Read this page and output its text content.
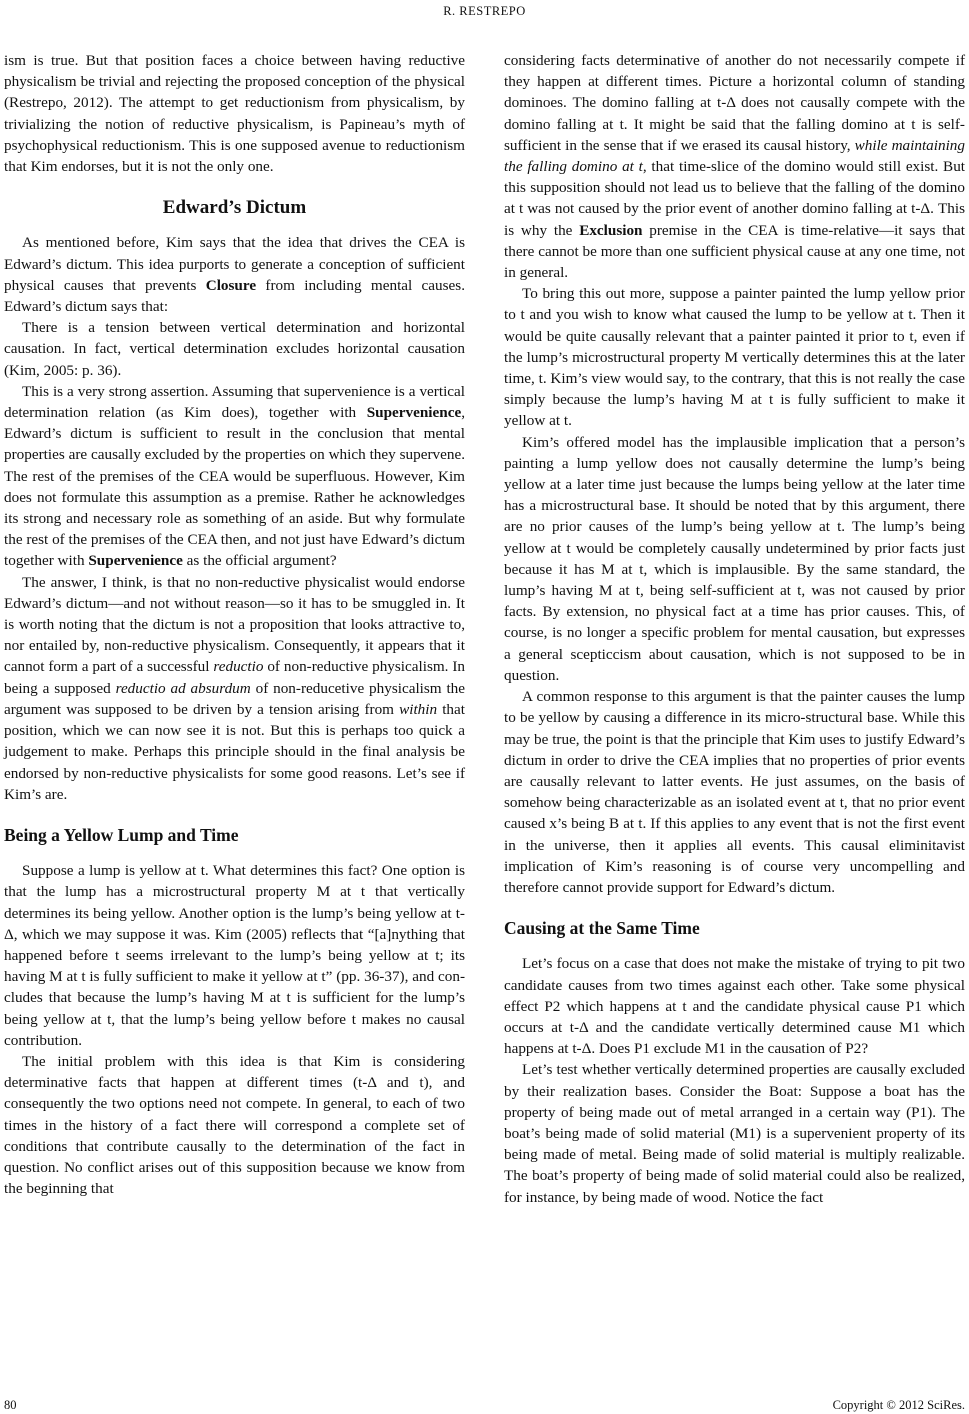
R. RESTREPO

ism is true. But that position faces a choice between having reductive physicalism be trivial and rejecting the proposed conception of the physical (Restrepo, 2012). The attempt to get reductionism from physicalism, by trivializing the notion of reductive physicalism, is Papineau’s myth of psychophysical reductionism. This is one supposed avenue to reductionism that Kim endorses, but it is not the only one.

Edward’s Dictum

As mentioned before, Kim says that the idea that drives the CEA is Edward’s dictum. This idea purports to generate a conception of sufficient physical causes that prevents Closure from including mental causes. Edward’s dictum says that:

There is a tension between vertical determination and horizontal causation. In fact, vertical determination excludes horizontal causation (Kim, 2005: p. 36).

This is a very strong assertion. Assuming that supervenience is a vertical determination relation (as Kim does), together with Supervenience, Edward’s dictum is sufficient to result in the conclusion that mental properties are causally excluded by the properties on which they supervene. The rest of the premises of the CEA would be superfluous. However, Kim does not formulate this assumption as a premise. Rather he acknowledges its strong and necessary role as something of an aside. But why formulate the rest of the premises of the CEA then, and not just have Edward’s dictum together with Supervenience as the official argument?

The answer, I think, is that no non-reductive physicalist would endorse Edward’s dictum—and not without reason—so it has to be smuggled in. It is worth noting that the dictum is not a proposition that looks attractive to, nor entailed by, non-reductive physicalism. Consequently, it appears that it cannot form a part of a successful reductio of non-reductive physicalism. In being a supposed reductio ad absurdum of non-reducetive physicalism the argument was supposed to be driven by a tension arising from within that position, which we can now see it is not. But this is perhaps too quick a judgement to make. Perhaps this principle should in the final analysis be endorsed by non-reductive physicalists for some good reasons. Let’s see if Kim’s are.

Being a Yellow Lump and Time

Suppose a lump is yellow at t. What determines this fact? One option is that the lump has a microstructural property M at t that vertically determines its being yellow. Another option is the lump’s being yellow at t-Δ, which we may suppose it was. Kim (2005) reflects that “[a]nything that happened before t seems irrelevant to the lump’s being yellow at t; its having M at t is fully sufficient to make it yellow at t” (pp. 36-37), and concludes that because the lump’s having M at t is sufficient for the lump’s being yellow at t, that the lump’s being yellow before t makes no causal contribution.

The initial problem with this idea is that Kim is considering determinative facts that happen at different times (t-Δ and t), and consequently the two options need not compete. In general, to each of two times in the history of a fact there will correspond a complete set of conditions that contribute causally to the determination of the fact in question. No conflict arises out of this supposition because we know from the beginning that

considering facts determinative of another do not necessarily compete if they happen at different times. Picture a horizontal column of standing dominoes. The domino falling at t-Δ does not causally compete with the domino falling at t. It might be said that the falling domino at t is self-sufficient in the sense that if we erased its causal history, while maintaining the falling domino at t, that time-slice of the domino would still exist. But this supposition should not lead us to believe that the falling of the domino at t was not caused by the prior event of another domino falling at t-Δ. This is why the Exclusion premise in the CEA is time-relative—it says that there cannot be more than one sufficient physical cause at any one time, not in general.

To bring this out more, suppose a painter painted the lump yellow prior to t and you wish to know what caused the lump to be yellow at t. Then it would be quite causally relevant that a painter painted it prior to t, even if the lump’s microstructural property M vertically determines this at the later time, t. Kim’s view would say, to the contrary, that this is not really the case simply because the lump’s having M at t is fully sufficient to make it yellow at t.

Kim’s offered model has the implausible implication that a person’s painting a lump yellow does not causally determine the lump’s being yellow at a later time just because the lumps being yellow at the later time has a microstructural base. It should be noted that by this argument, there are no prior causes of the lump’s being yellow at t. The lump’s being yellow at t would be completely causally undetermined by prior facts just because it has M at t, which is implausible. By the same standard, the lump’s having M at t, being self-sufficient at t, was not caused by prior facts. By extension, no physical fact at a time has prior causes. This, of course, is no longer a specific problem for mental causation, but expresses a general scepticcism about causation, which is not supposed to be in question.

A common response to this argument is that the painter causes the lump to be yellow by causing a difference in its micro-structural base. While this may be true, the point is that the principle that Kim uses to justify Edward’s dictum in order to drive the CEA implies that no properties of prior events are causally relevant to latter events. He just assumes, on the basis of somehow being characterizable as an isolated event at t, that no prior event caused x’s being B at t. If this applies to any event that is not the first event in the universe, then it applies all events. This causal eliminitavist implication of Kim’s reasoning is of course very uncompelling and therefore cannot provide support for Edward’s dictum.

Causing at the Same Time

Let’s focus on a case that does not make the mistake of trying to pit two candidate causes from two times against each other. Take some physical effect P2 which happens at t and the candidate physical cause P1 which occurs at t-Δ and the candidate vertically determined cause M1 which happens at t-Δ. Does P1 exclude M1 in the causation of P2?

Let’s test whether vertically determined properties are causally excluded by their realization bases. Consider the Boat: Suppose a boat has the property of being made out of metal arranged in a certain way (P1). The boat’s being made of solid material (M1) is a supervenient property of its being made of metal. Being made of solid material is multiply realizable. The boat’s property of being made of solid material could also be realized, for instance, by being made of wood. Notice the fact

80	Copyright © 2012 SciRes.
